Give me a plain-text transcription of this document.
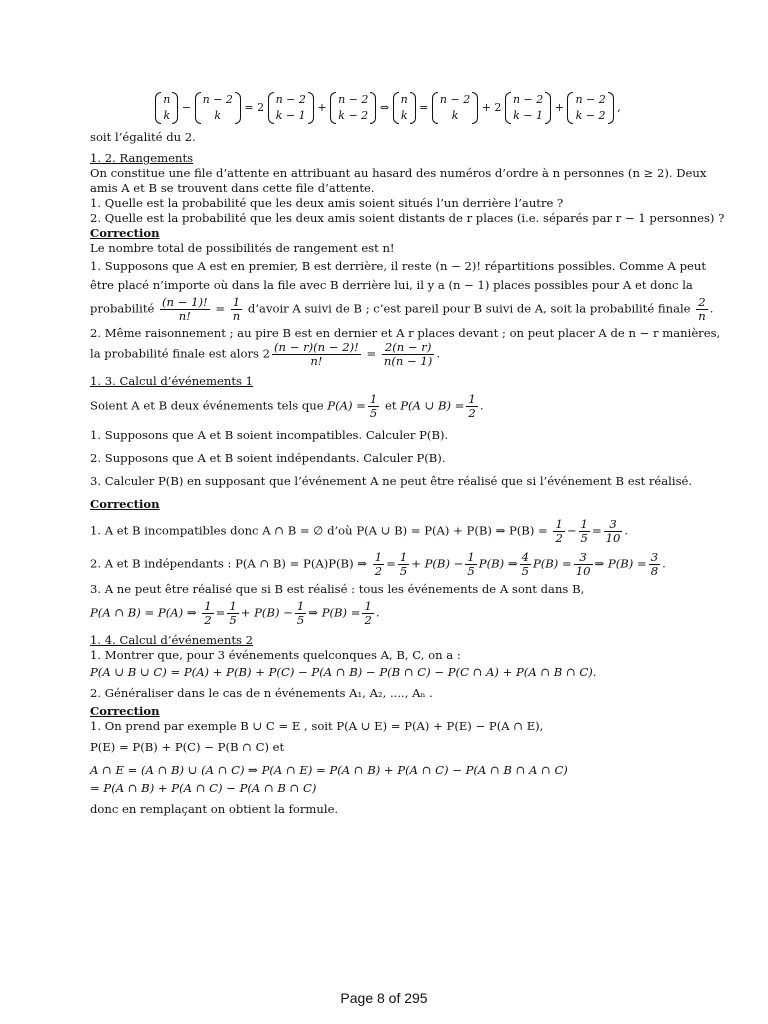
n
k
−
n − 2
k
= 2
n − 2
k − 1
+
n − 2
k − 2
⇔
n
k
=
n − 2
k
+ 2
n − 2
k − 1
+
n − 2
k − 2
,
soit l’égalité du 2.
1. 2. Rangements
On constitue une file d’attente en attribuant au hasard des numéros d’ordre à n personnes (n ≥ 2). Deux
amis A et B se trouvent dans cette file d’attente.
1. Quelle est la probabilité que les deux amis soient situés l’un derrière l’autre ?
2. Quelle est la probabilité que les deux amis soient distants de r places (i.e. séparés par r − 1 personnes) ?
Correction
Le nombre total de possibilités de rangement est n!
1. Supposons que A est en premier, B est derrière, il reste (n − 2)! répartitions possibles. Comme A peut
être placé n’importe où dans la file avec B derrière lui, il y a (n − 1) places possibles pour A et donc la
probabilité $\frac{(n - 1)!}{n!} = \frac{1}{n}$ d’avoir A suivi de B ; c’est pareil pour B suivi de A, soit la probabilité finale $\frac{2}{n}$ .
2. Même raisonnement ; au pire B est en dernier et A r places devant ; on peut placer A de n − r manières,
la probabilité finale est alors $2 \frac{(n - r)(n - 2)!}{n!} = \frac{2(n - r)}{n(n - 1)}$ .
1. 3. Calcul d’événements 1
Soient A et B deux événements tels que $P(A) = \frac{1}{5}$ et P(A ∪ $B) = \frac{1}{2}$ .
1. Supposons que A et B soient incompatibles. Calculer P(B).
2. Supposons que A et B soient indépendants. Calculer P(B).
3. Calculer P(B) en supposant que l’événement A ne peut être réalisé que si l’événement B est réalisé.
Correction
1. A et B incompatibles donc A ∩ B = ∅ d’où P(A ∪ B) = P(A) + P(B) ⇒ $P(B) = \frac{1}{2} - \frac{1}{5} = \frac{3}{10}$ .
2. A et B indépendants : P(A ∩ B) = P(A)P(B) ⇒ $\frac{1}{2} = \frac{1}{5} + P(B) - \frac{1}{5} P(B)$ ⇒ $\frac{4}{5} P(B) = \frac{3}{10}$ ⇒ $P(B) = \frac{3}{8}$ .
3. A ne peut être réalisé que si B est réalisé : tous les événements de A sont dans B,
P(A ∩ B) = P(A) ⇒ $\frac{1}{2} = \frac{1}{5} + P(B) - \frac{1}{5}$ ⇒ $P(B) = \frac{1}{2}$ .
1. 4. Calcul d’événements 2
1. Montrer que, pour 3 événements quelconques A, B, C, on a :
P(A ∪ B ∪ C) = P(A) + P(B) + P(C) − P(A ∩ B) − P(B ∩ C) − P(C ∩ A) + P(A ∩ B ∩ C).
2. Généraliser dans le cas de n événements A₁, A₂, ...., Aₙ .
Correction
1. On prend par exemple B ∪ C = E , soit P(A ∪ E) = P(A) + P(E) − P(A ∩ E),
P(E) = P(B) + P(C) − P(B ∩ C) et
A ∩ E = (A ∩ B) ∪ (A ∩ C) ⇒ P(A ∩ E) = P(A ∩ B) + P(A ∩ C) − P(A ∩ B ∩ A ∩ C)
= P(A ∩ B) + P(A ∩ C) − P(A ∩ B ∩ C)
donc en remplaçant on obtient la formule.
Page 8 of 295
